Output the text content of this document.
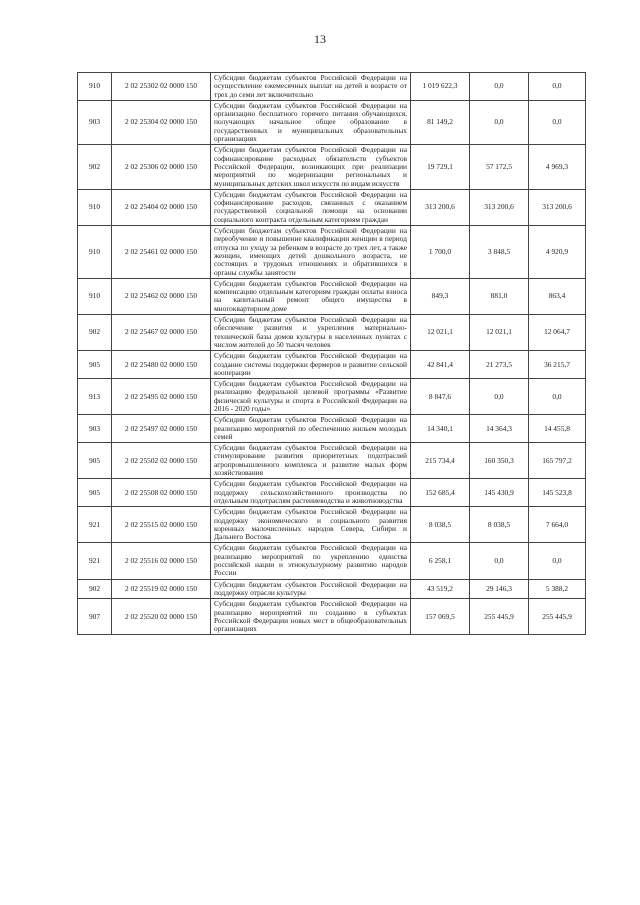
13
910	2 02 25302 02 0000 150	Субсидии бюджетам субъектов Российской Федерации на осуществление ежемесячных выплат на детей в возрасте от трех до семи лет включительно	1 019 622,3	0,0	0,0
903	2 02 25304 02 0000 150	Субсидии бюджетам субъектов Российской Федерации на организацию бесплатного горячего питания обучающихся, получающих начальное общее образование в государственных и муниципальных образовательных организациях	81 149,2	0,0	0,0
902	2 02 25306 02 0000 150	Субсидии бюджетам субъектов Российской Федерации на софинансирование расходных обязательств субъектов Российской Федерации, возникающих при реализации мероприятий по модернизации региональных и муниципальных детских школ искусств по видам искусств	19 729,1	57 172,5	4 969,3
910	2 02 25404 02 0000 150	Субсидии бюджетам субъектов Российской Федерации на софинансирование расходов, связанных с оказанием государственной социальной помощи на основании социального контракта отдельным категориям граждан	313 200,6	313 200,6	313 200,6
910	2 02 25461 02 0000 150	Субсидии бюджетам субъектов Российской Федерации на переобучение и повышение квалификации женщин в период отпуска по уходу за ребенком в возрасте до трех лет, а также женщин, имеющих детей дошкольного возраста, не состоящих в трудовых отношениях и обратившихся в органы службы занятости	1 700,0	3 848,5	4 920,9
910	2 02 25462 02 0000 150	Субсидии бюджетам субъектов Российской Федерации на компенсацию отдельным категориям граждан оплаты взноса на капитальный ремонт общего имущества в многоквартирном доме	849,3	881,0	863,4
902	2 02 25467 02 0000 150	Субсидии бюджетам субъектов Российской Федерации на обеспечение развития и укрепления материально-технической базы домов культуры в населенных пунктах с числом жителей до 50 тысяч человек	12 021,1	12 021,1	12 064,7
905	2 02 25480 02 0000 150	Субсидии бюджетам субъектов Российской Федерации на создание системы поддержки фермеров и развитие сельской кооперации	42 841,4	21 273,5	36 215,7
913	2 02 25495 02 0000 150	Субсидии бюджетам субъектов Российской Федерации на реализацию федеральной целевой программы «Развитие физической культуры и спорта в Российской Федерации на 2016 - 2020 годы»	8 847,6	0,0	0,0
903	2 02 25497 02 0000 150	Субсидии бюджетам субъектов Российской Федерации на реализацию мероприятий по обеспечению жильем молодых семей	14 340,1	14 364,3	14 455,8
905	2 02 25502 02 0000 150	Субсидии бюджетам субъектов Российской Федерации на стимулирование развития приоритетных подотраслей агропромышленного комплекса и развитие малых форм хозяйствования	215 734,4	160 350,3	165 797,2
905	2 02 25508 02 0000 150	Субсидии бюджетам субъектов Российской Федерации на поддержку сельскохозяйственного производства по отдельным подотраслям растениеводства и животноводства	152 685,4	145 430,9	145 523,8
921	2 02 25515 02 0000 150	Субсидии бюджетам субъектов Российской Федерации на поддержку экономического и социального развития коренных малочисленных народов Севера, Сибири и Дальнего Востока	8 038,5	8 038,5	7 664,0
921	2 02 25516 02 0000 150	Субсидии бюджетам субъектов Российской Федерации на реализацию мероприятий по укреплению единства российской нации и этнокультурному развитию народов России	6 258,1	0,0	0,0
902	2 02 25519 02 0000 150	Субсидии бюджетам субъектов Российской Федерации на поддержку отрасли культуры	43 519,2	29 146,3	5 388,2
907	2 02 25520 02 0000 150	Субсидии бюджетам субъектов Российской Федерации на реализацию мероприятий по созданию в субъектах Российской Федерации новых мест в общеобразовательных организациях	157 069,5	255 445,9	255 445,9
